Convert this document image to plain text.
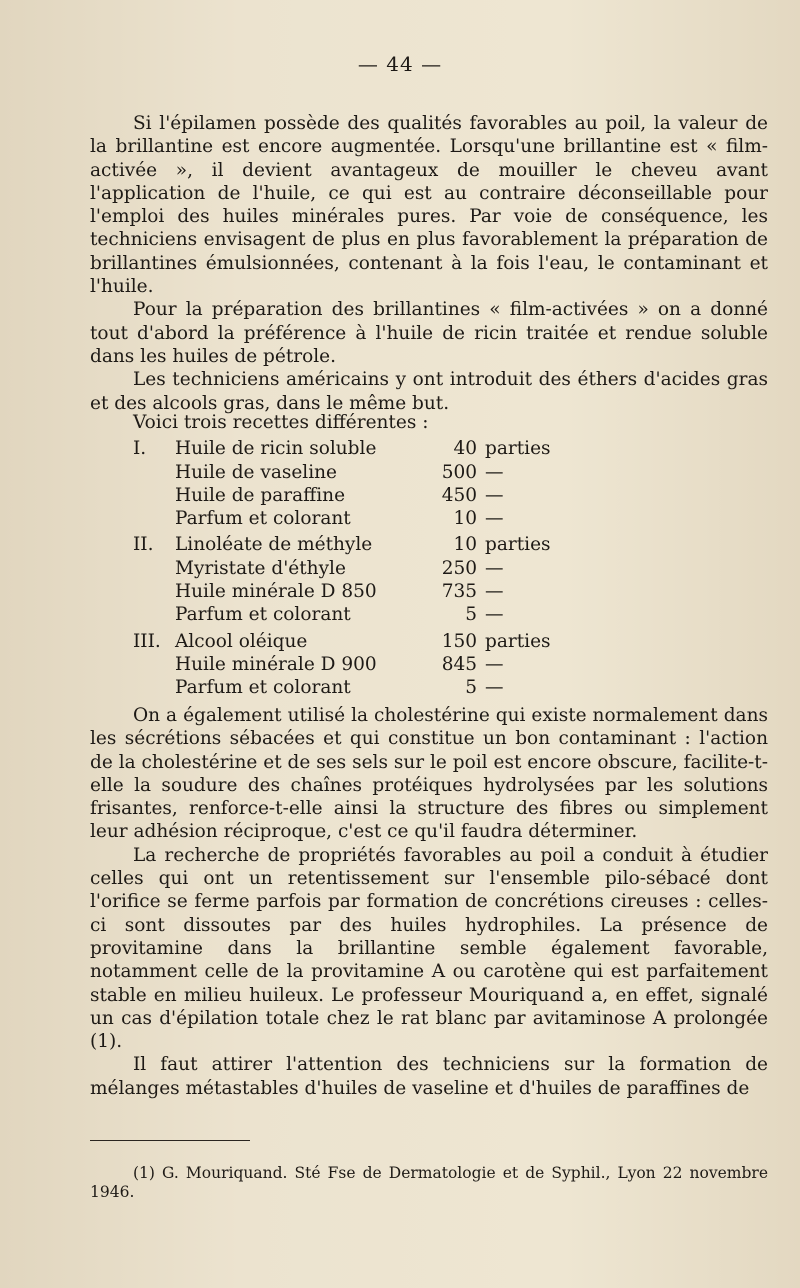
— 44 —

Si l'épilamen possède des qualités favorables au poil, la valeur de la brillantine est encore augmentée. Lorsqu'une brillantine est « film-activée », il devient avantageux de mouiller le cheveu avant l'application de l'huile, ce qui est au contraire déconseillable pour l'emploi des huiles minérales pures. Par voie de conséquence, les techniciens envisagent de plus en plus favorablement la préparation de brillantines émulsionnées, contenant à la fois l'eau, le contaminant et l'huile.

Pour la préparation des brillantines « film-activées » on a donné tout d'abord la préférence à l'huile de ricin traitée et rendue soluble dans les huiles de pétrole.

Les techniciens américains y ont introduit des éthers d'acides gras et des alcools gras, dans le même but.

Voici trois recettes différentes :
I.	Huile de ricin soluble	40 parties
Huile de vaseline	500 —
Huile de paraffine	450 —
Parfum et colorant	10 —
II.	Linoléate de méthyle	10 parties
Myristate d'éthyle	250 —
Huile minérale D 850	735 —
Parfum et colorant	5 —
III. Alcool oléique	150 parties
Huile minérale D 900	845 —
Parfum et colorant	5 —

On a également utilisé la cholestérine qui existe normalement dans les sécrétions sébacées et qui constitue un bon contaminant : l'action de la cholestérine et de ses sels sur le poil est encore obscure, facilite-t-elle la soudure des chaînes protéiques hydrolysées par les solutions frisantes, renforce-t-elle ainsi la structure des fibres ou simplement leur adhésion réciproque, c'est ce qu'il faudra déterminer.

La recherche de propriétés favorables au poil a conduit à étudier celles qui ont un retentissement sur l'ensemble pilo-sébacé dont l'orifice se ferme parfois par formation de concrétions cireuses : celles-ci sont dissoutes par des huiles hydrophiles. La présence de provitamine dans la brillantine semble également favorable, notamment celle de la provitamine A ou carotène qui est parfaitement stable en milieu huileux. Le professeur Mouriquand a, en effet, signalé un cas d'épilation totale chez le rat blanc par avitaminose A prolongée (1).

Il faut attirer l'attention des techniciens sur la formation de mélanges métastables d'huiles de vaseline et d'huiles de paraffines de

(1) G. Mouriquand. Sté Fse de Dermatologie et de Syphil., Lyon 22 novembre 1946.
